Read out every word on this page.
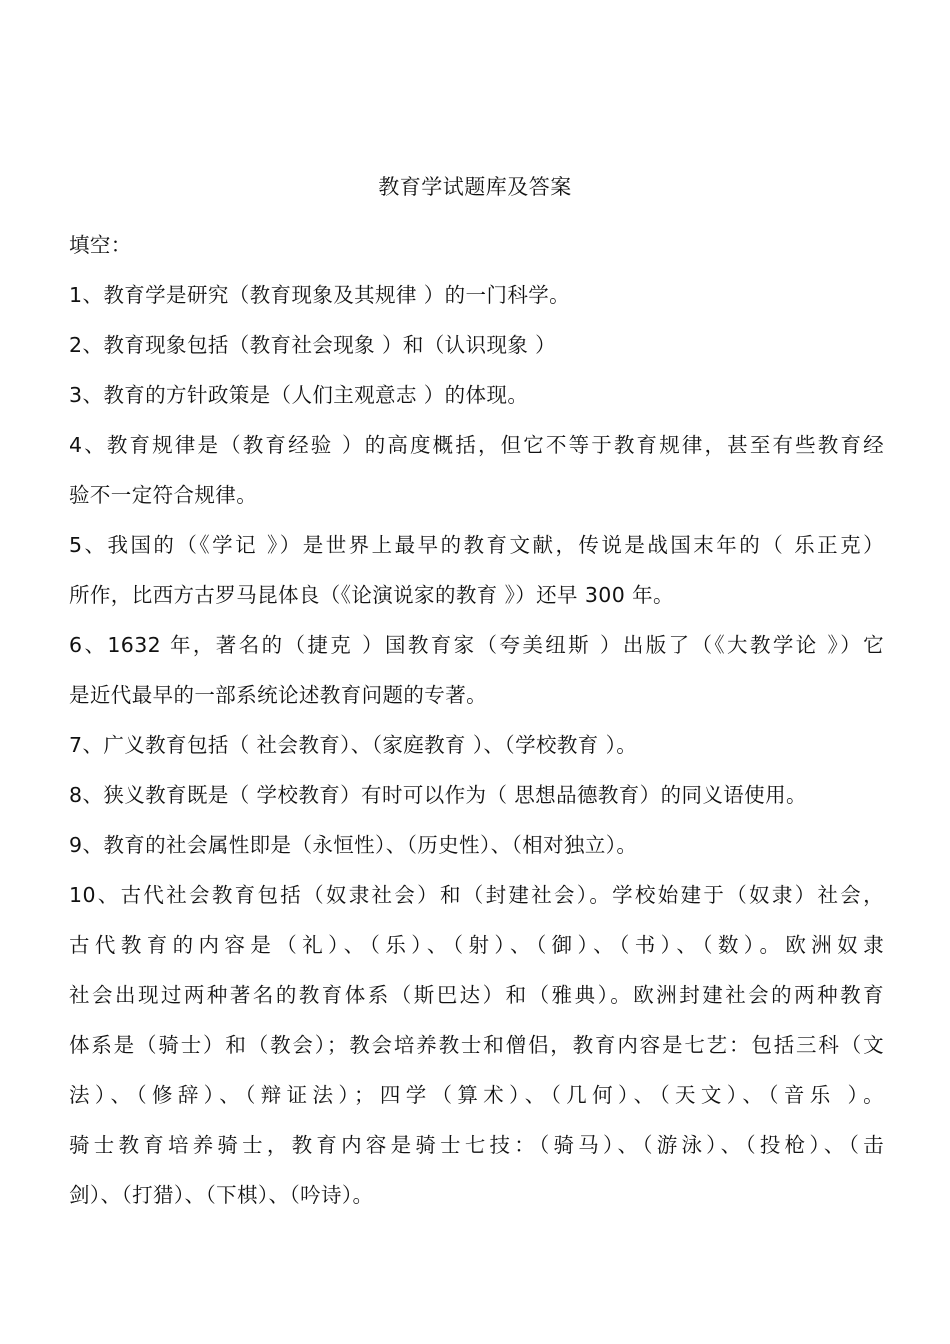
教育学试题库及答案
填空：
1、教育学是研究（教育现象及其规律 ）的一门科学。
2、教育现象包括（教育社会现象 ）和（认识现象 ）
3、教育的方针政策是（人们主观意志 ）的体现。
4、教育规律是（教育经验 ）的高度概括，但它不等于教育规律，甚至有些教育经
验不一定符合规律。
5、我国的（《学记 》）是世界上最早的教育文献，传说是战国末年的（ 乐正克）
所作，比西方古罗马昆体良（《论演说家的教育 》）还早 300 年。
6、1632 年，著名的（捷克 ）国教育家（夸美纽斯 ）出版了（《大教学论 》）它
是近代最早的一部系统论述教育问题的专著。
7、广义教育包括（ 社会教育）、（家庭教育 ）、（学校教育 ）。
8、狭义教育既是（ 学校教育）有时可以作为（ 思想品德教育）的同义语使用。
9、教育的社会属性即是（永恒性）、（历史性）、（相对独立）。
10、古代社会教育包括（奴隶社会）和（封建社会）。学校始建于（奴隶）社会，
古代教育的内容是（礼）、（乐）、（射）、（御）、（书）、（数）。欧洲奴隶
社会出现过两种著名的教育体系（斯巴达）和（雅典）。欧洲封建社会的两种教育
体系是（骑士）和（教会）；教会培养教士和僧侣，教育内容是七艺：包括三科（文
法）、（修辞）、（辩证法）；四学（算术）、（几何）、（天文）、（音乐 ）。
骑士教育培养骑士，教育内容是骑士七技：（骑马）、（游泳）、（投枪）、（击
剑）、（打猎）、（下棋）、（吟诗）。
